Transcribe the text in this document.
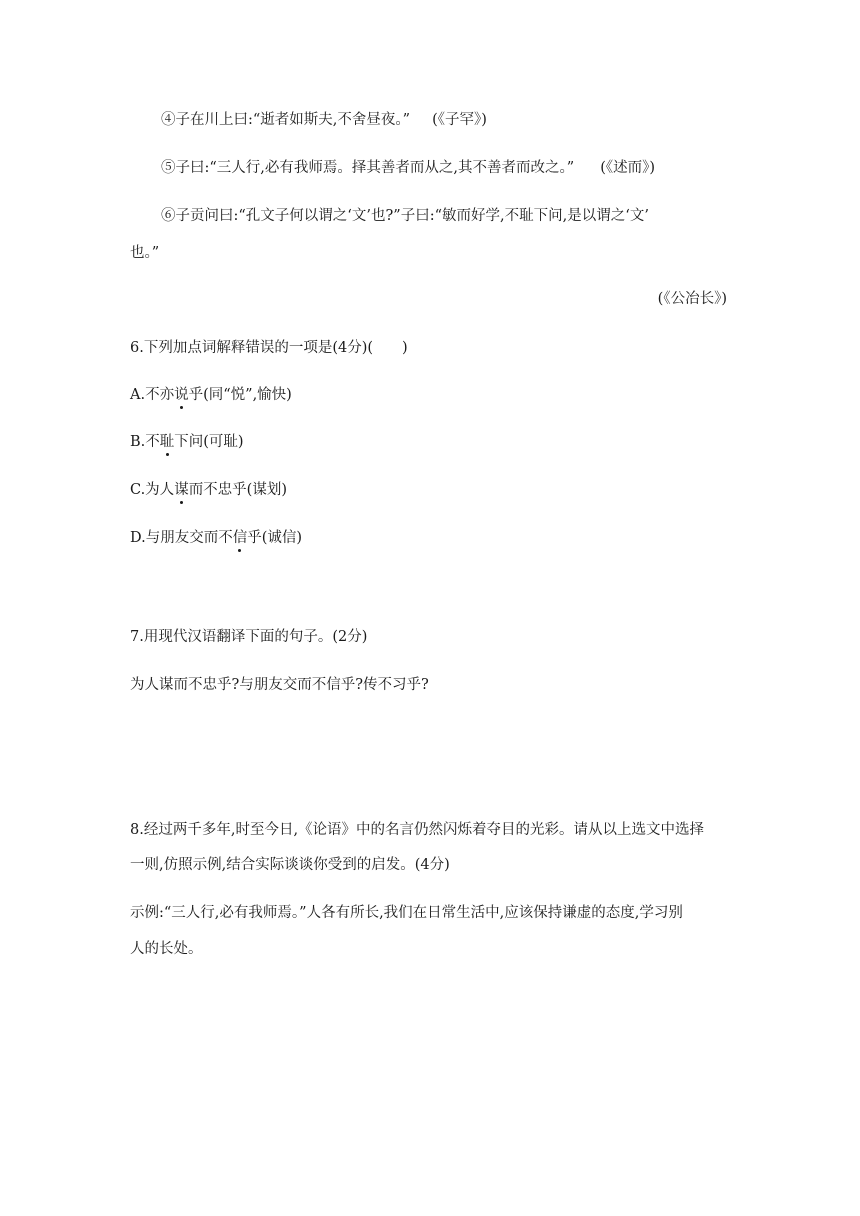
④子在川上曰:“逝者如斯夫,不舍昼夜。” (《子罕》)
⑤子曰:“三人行,必有我师焉。择其善者而从之,其不善者而改之。” (《述而》)
⑥子贡问曰:“孔文子何以谓之‘文’也?”子曰:“敏而好学,不耻下问,是以谓之‘文’
也。”
(《公冶长》)
6.下列加点词解释错误的一项是(4分)(　　)
A.不亦说乎(同“悦”,愉快)
B.不耻下问(可耻)
C.为人谋而不忠乎(谋划)
D.与朋友交而不信乎(诚信)
7.用现代汉语翻译下面的句子。(2分)
为人谋而不忠乎?与朋友交而不信乎?传不习乎?
8.经过两千多年,时至今日,《论语》中的名言仍然闪烁着夺目的光彩。请从以上选文中选择
一则,仿照示例,结合实际谈谈你受到的启发。(4分)
示例:“三人行,必有我师焉。”人各有所长,我们在日常生活中,应该保持谦虚的态度,学习别
人的长处。
